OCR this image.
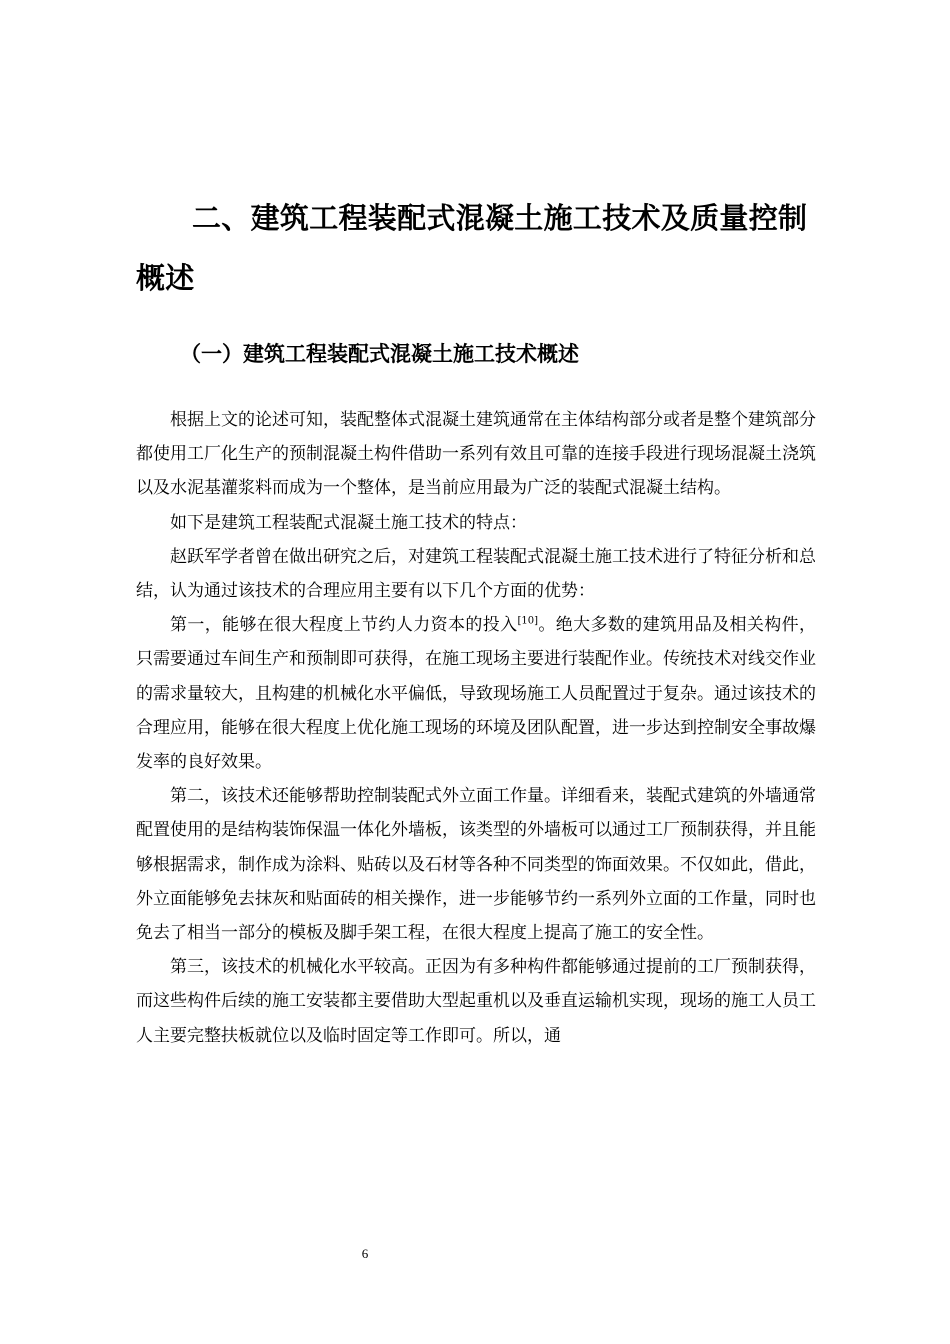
二、建筑工程装配式混凝土施工技术及质量控制概述
（一）建筑工程装配式混凝土施工技术概述

根据上文的论述可知，装配整体式混凝土建筑通常在主体结构部分或者是整个建筑部分都使用工厂化生产的预制混凝土构件借助一系列有效且可靠的连接手段进行现场混凝土浇筑以及水泥基灌浆料而成为一个整体，是当前应用最为广泛的装配式混凝土结构。

如下是建筑工程装配式混凝土施工技术的特点：

赵跃军学者曾在做出研究之后，对建筑工程装配式混凝土施工技术进行了特征分析和总结，认为通过该技术的合理应用主要有以下几个方面的优势：

第一，能够在很大程度上节约人力资本的投入[10]。绝大多数的建筑用品及相关构件，只需要通过车间生产和预制即可获得，在施工现场主要进行装配作业。传统技术对线交作业的需求量较大，且构建的机械化水平偏低，导致现场施工人员配置过于复杂。通过该技术的合理应用，能够在很大程度上优化施工现场的环境及团队配置，进一步达到控制安全事故爆发率的良好效果。

第二，该技术还能够帮助控制装配式外立面工作量。详细看来，装配式建筑的外墙通常配置使用的是结构装饰保温一体化外墙板，该类型的外墙板可以通过工厂预制获得，并且能够根据需求，制作成为涂料、贴砖以及石材等各种不同类型的饰面效果。不仅如此，借此，外立面能够免去抹灰和贴面砖的相关操作，进一步能够节约一系列外立面的工作量，同时也免去了相当一部分的模板及脚手架工程，在很大程度上提高了施工的安全性。

第三，该技术的机械化水平较高。正因为有多种构件都能够通过提前的工厂预制获得，而这些构件后续的施工安装都主要借助大型起重机以及垂直运输机实现，现场的施工人员工人主要完整扶板就位以及临时固定等工作即可。所以，通

6
